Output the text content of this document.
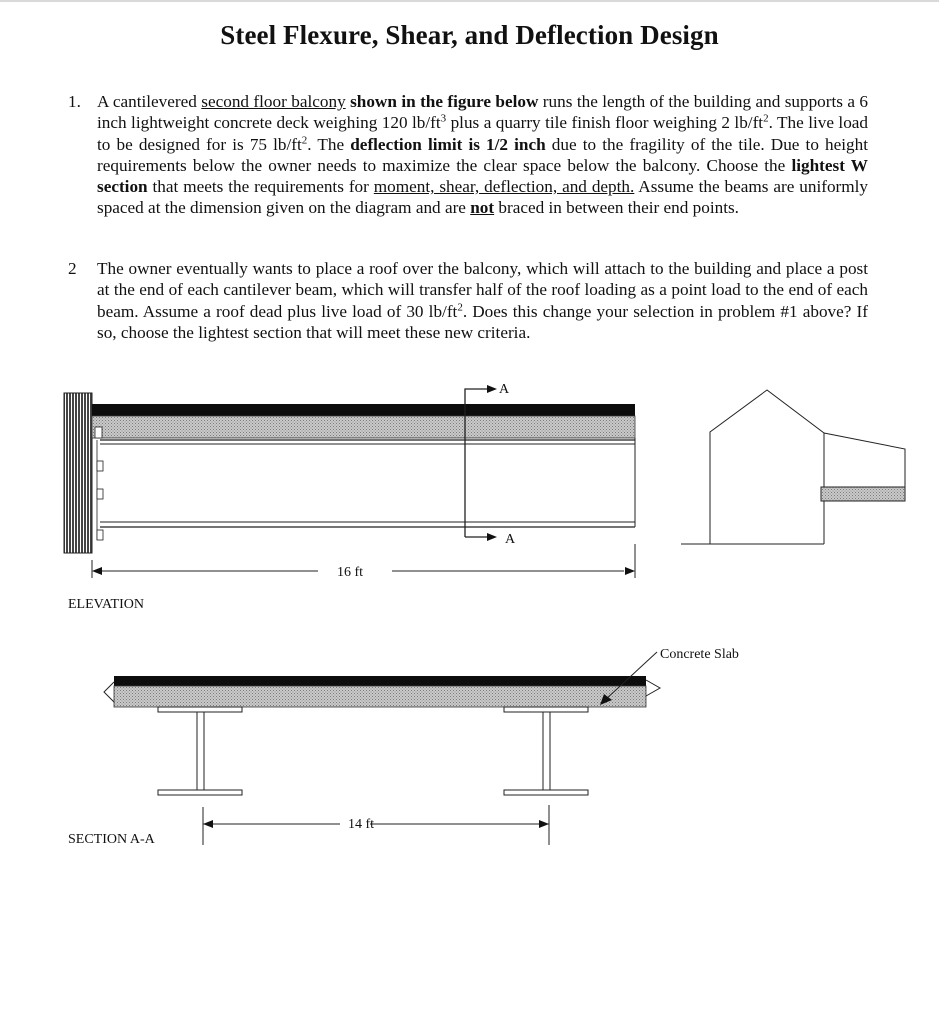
Steel Flexure, Shear, and Deflection Design
1. A cantilevered second floor balcony shown in the figure below runs the length of the building and supports a 6 inch lightweight concrete deck weighing 120 $lb/ft^3$ plus a quarry tile finish floor weighing 2 $lb/ft^2$. The live load to be designed for is 75 $lb/ft^2$. The deflection limit is 1/2 inch due to the fragility of the tile. Due to height requirements below the owner needs to maximize the clear space below the balcony. Choose the lightest W section that meets the requirements for moment, shear, deflection, and depth. Assume the beams are uniformly spaced at the dimension given on the diagram and are not braced in between their end points.
2 The owner eventually wants to place a roof over the balcony, which will attach to the building and place a post at the end of each cantilever beam, which will transfer half of the roof loading as a point load to the end of each beam. Assume a roof dead plus live load of 30 $lb/ft^2$. Does this change your selection in problem #1 above? If so, choose the lightest section that will meet these new criteria.
A
A
16 ft
ELEVATION
Concrete Slab
14 ft
SECTION A-A
